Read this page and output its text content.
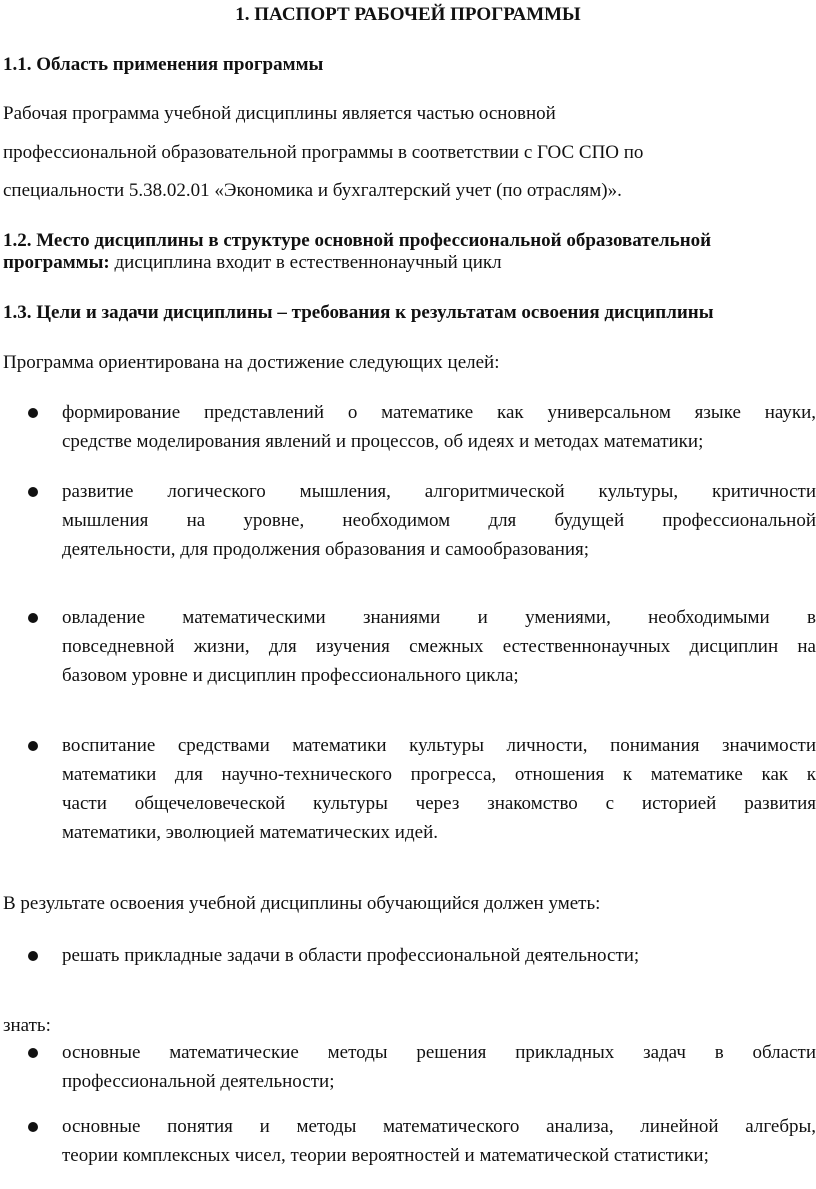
1. ПАСПОРТ РАБОЧЕЙ ПРОГРАММЫ
1.1. Область применения программы
Рабочая программа учебной дисциплины является частью основной
профессиональной образовательной программы в соответствии с ГОС СПО по
специальности 5.38.02.01 «Экономика и бухгалтерский учет (по отраслям)».
1.2. Место дисциплины в структуре основной профессиональной образовательной
программы: дисциплина входит в естественнонаучный цикл
1.3. Цели и задачи дисциплины – требования к результатам освоения дисциплины
Программа ориентирована на достижение следующих целей:

формирование представлений о математике как универсальном языке науки,

средстве моделирования явлений и процессов, об идеях и методах математики;

развитие логического мышления, алгоритмической культуры, критичности

мышления на уровне, необходимом для будущей профессиональной

деятельности, для продолжения образования и самообразования;

овладение математическими знаниями и умениями, необходимыми в

повседневной жизни, для изучения смежных естественнонаучных дисциплин на

базовом уровне и дисциплин профессионального цикла;

воспитание средствами математики культуры личности, понимания значимости

математики для научно-технического прогресса, отношения к математике как к

части общечеловеческой культуры через знакомство с историей развития

математики, эволюцией математических идей.

В результате освоения учебной дисциплины обучающийся должен уметь:

решать прикладные задачи в области профессиональной деятельности;

знать:

основные математические методы решения прикладных задач в области

профессиональной деятельности;

основные понятия и методы математического анализа, линейной алгебры,

теории комплексных чисел, теории вероятностей и математической статистики;
